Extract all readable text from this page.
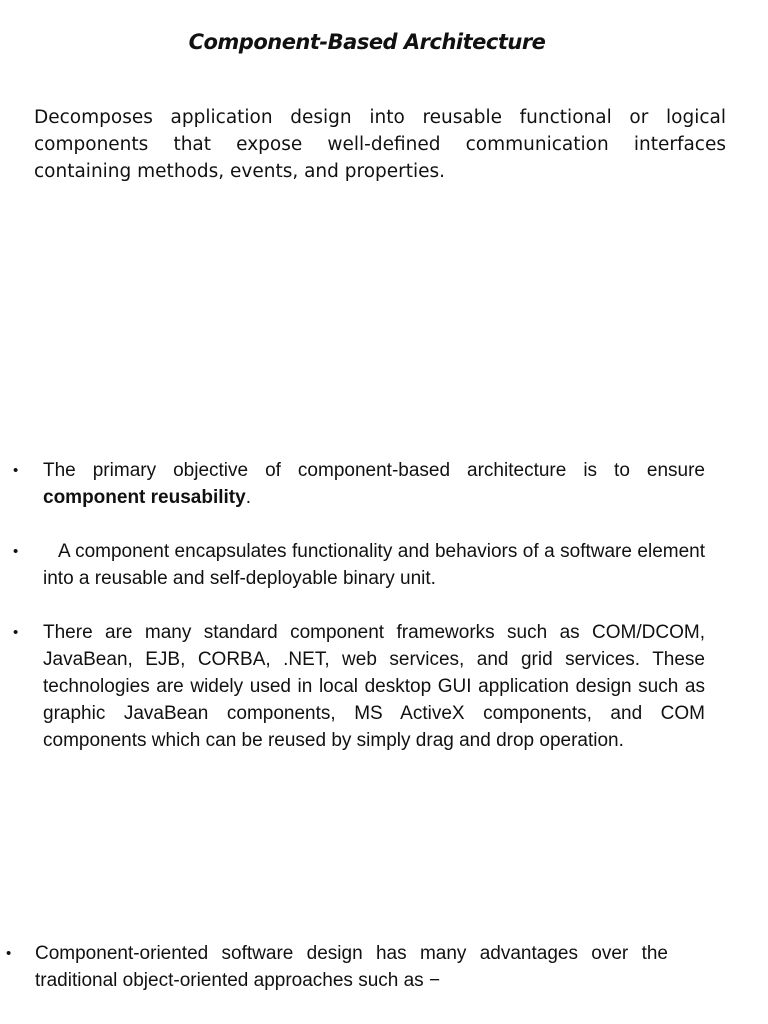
Component-Based Architecture

Decomposes application design into reusable functional or logical components that expose well-defined communication interfaces containing methods, events, and properties.

• The primary objective of component-based architecture is to ensure component reusability.
• A component encapsulates functionality and behaviors of a software element into a reusable and self-deployable binary unit.
• There are many standard component frameworks such as COM/DCOM, JavaBean, EJB, CORBA, .NET, web services, and grid services. These technologies are widely used in local desktop GUI application design such as graphic JavaBean components, MS ActiveX components, and COM components which can be reused by simply drag and drop operation.
• Component-oriented software design has many advantages over the traditional object-oriented approaches such as −
